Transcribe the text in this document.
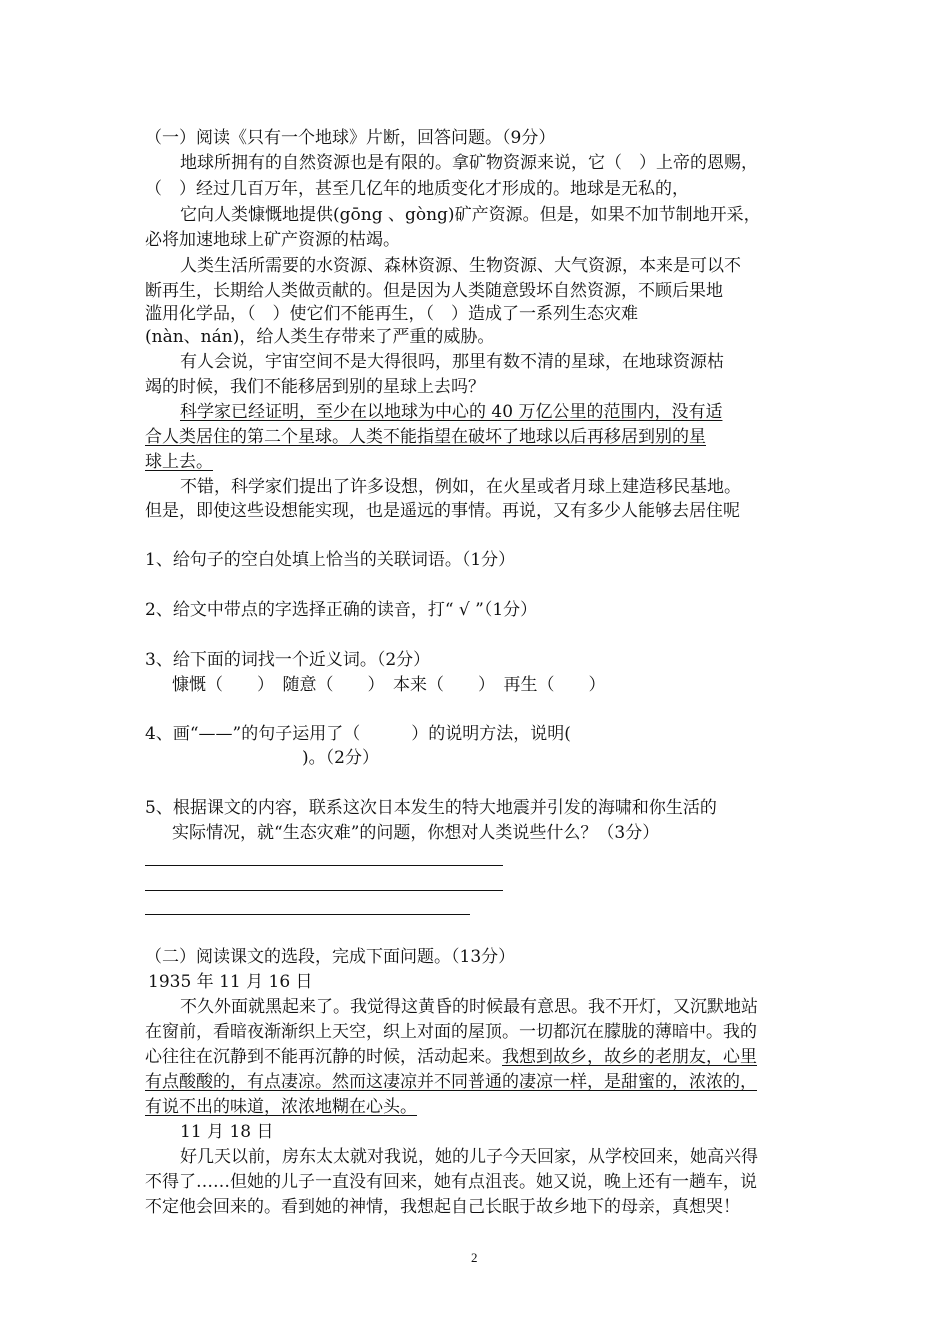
（一）阅读《只有一个地球》片断，回答问题。（9分）
地球所拥有的自然资源也是有限的。拿矿物资源来说，它（　）上帝的恩赐，
（　）经过几百万年，甚至几亿年的地质变化才形成的。地球是无私的，
它向人类慷慨地提供(gōng 、gòng)矿产资源。但是，如果不加节制地开采，
必将加速地球上矿产资源的枯竭。
人类生活所需要的水资源、森林资源、生物资源、大气资源，本来是可以不
断再生，长期给人类做贡献的。但是因为人类随意毁坏自然资源，不顾后果地
滥用化学品，（　）使它们不能再生，（　）造成了一系列生态灾难
(nàn、nán)，给人类生存带来了严重的威胁。
有人会说，宇宙空间不是大得很吗，那里有数不清的星球，在地球资源枯
竭的时候，我们不能移居到别的星球上去吗？
科学家已经证明，至少在以地球为中心的 40 万亿公里的范围内，没有适
合人类居住的第二个星球。人类不能指望在破坏了地球以后再移居到别的星
球上去。
不错，科学家们提出了许多设想，例如，在火星或者月球上建造移民基地。
但是，即使这些设想能实现，也是遥远的事情。再说，又有多少人能够去居住呢
1、给句子的空白处填上恰当的关联词语。（1分）
2、给文中带点的字选择正确的读音，打“ √ ”（1分）
3、给下面的词找一个近义词。（2分）
慷慨（　　）　随意（　　）　本来（　　）　再生（　　）
4、画“——”的句子运用了（　　　）的说明方法，说明(
)。（2分）
5、根据课文的内容，联系这次日本发生的特大地震并引发的海啸和你生活的
实际情况，就“生态灾难”的问题，你想对人类说些什么？（3分）
（二）阅读课文的选段，完成下面问题。（13分）
1935 年 11 月 16 日
不久外面就黑起来了。我觉得这黄昏的时候最有意思。我不开灯，又沉默地站
在窗前，看暗夜渐渐织上天空，织上对面的屋顶。一切都沉在朦胧的薄暗中。我的
心往往在沉静到不能再沉静的时候，活动起来。我想到故乡，故乡的老朋友，心里
有点酸酸的，有点凄凉。然而这凄凉并不同普通的凄凉一样，是甜蜜的，浓浓的，
有说不出的味道，浓浓地糊在心头。
11 月 18 日
好几天以前，房东太太就对我说，她的儿子今天回家，从学校回来，她高兴得
不得了……但她的儿子一直没有回来，她有点沮丧。她又说，晚上还有一趟车，说
不定他会回来的。看到她的神情，我想起自己长眠于故乡地下的母亲，真想哭！
2
